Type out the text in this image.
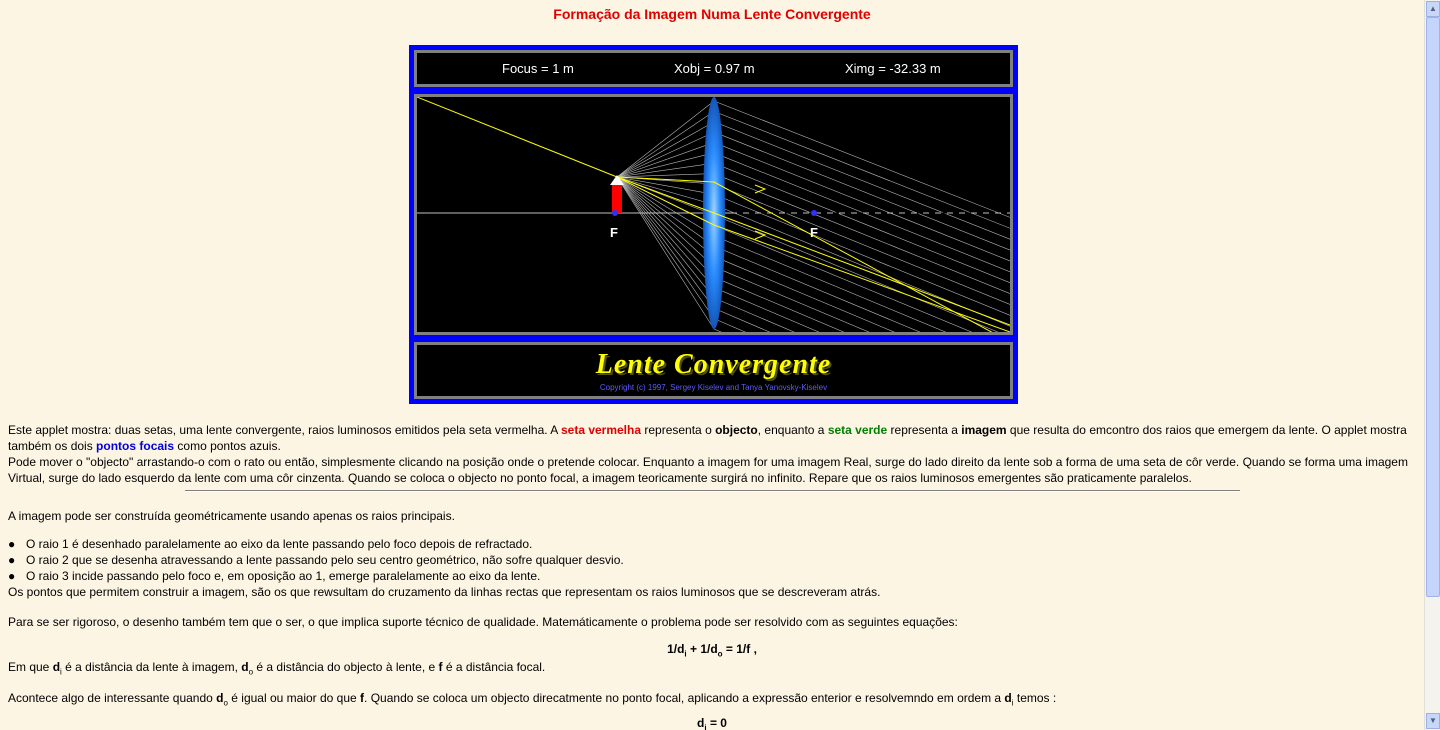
Formação da Imagem Numa Lente Convergente
Focus = 1 m	Xobj = 0.97 m	Ximg = -32.33 m
F	F
Lente Convergente
Copyright (c) 1997, Sergey Kiselev and Tanya Yanovsky-Kiselev
Este applet mostra: duas setas, uma lente convergente, raios luminosos emitidos pela seta vermelha. A seta vermelha representa o objecto, enquanto a seta verde representa a imagem que resulta do emcontro dos raios que emergem da lente. O applet mostra também os dois pontos focais como pontos azuis.
Pode mover o "objecto" arrastando-o com o rato ou então, simplesmente clicando na posição onde o pretende colocar. Enquanto a imagem for uma imagem Real, surge do lado direito da lente sob a forma de uma seta de côr verde. Quando se forma uma imagem Virtual, surge do lado esquerdo da lente com uma côr cinzenta. Quando se coloca o objecto no ponto focal, a imagem teoricamente surgirá no infinito. Repare que os raios luminosos emergentes são praticamente paralelos.
A imagem pode ser construída geométricamente usando apenas os raios principais.
● O raio 1 é desenhado paralelamente ao eixo da lente passando pelo foco depois de refractado.
● O raio 2 que se desenha atravessando a lente passando pelo seu centro geométrico, não sofre qualquer desvio.
● O raio 3 incide passando pelo foco e, em oposição ao 1, emerge paralelamente ao eixo da lente.
Os pontos que permitem construir a imagem, são os que rewsultam do cruzamento da linhas rectas que representam os raios luminosos que se descreveram atrás.
Para se ser rigoroso, o desenho também tem que o ser, o que implica suporte técnico de qualidade. Matemáticamente o problema pode ser resolvido com as seguintes equações:
$1/d_i + 1/d_o = 1/f$ ,
Em que $d_i$ é a distância da lente à imagem, $d_o$ é a distância do objecto à lente, e f é a distância focal.
Acontece algo de interessante quando $d_o$ é igual ou maior do que f. Quando se coloca um objecto direcatmente no ponto focal, aplicando a expressão enterior e resolvemndo em ordem a $d_i$ temos :
$d_i = 0$
▲
▼
